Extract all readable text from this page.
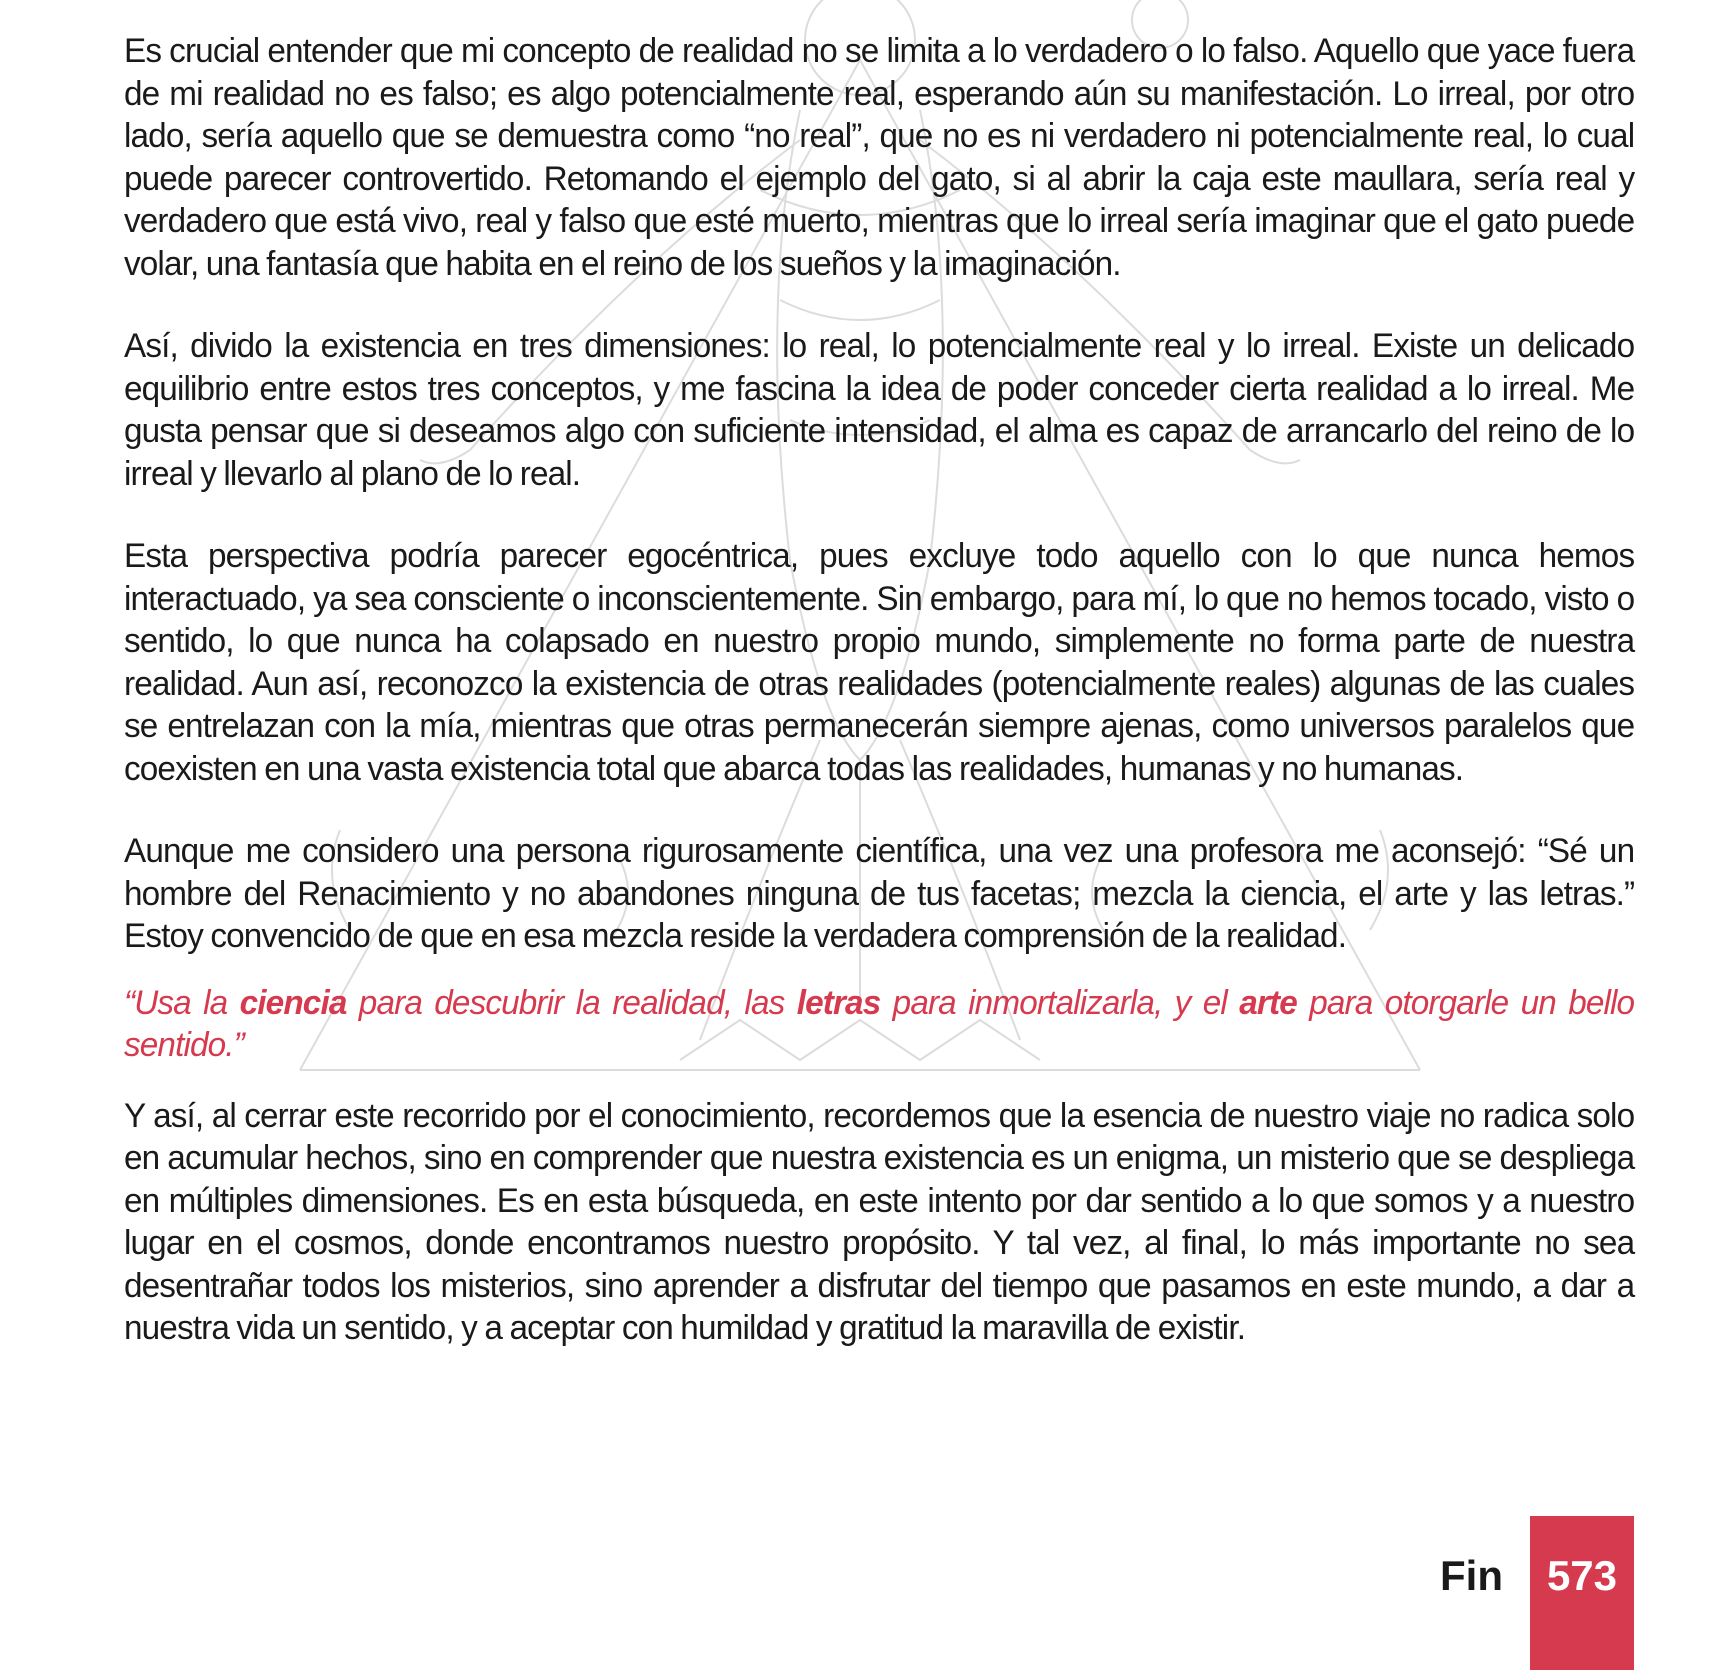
Es crucial entender que mi concepto de realidad no se limita a lo verdadero o lo falso. Aquello que yace fuera de mi realidad no es falso; es algo potencialmente real, esperando aún su manifestación. Lo irreal, por otro lado, sería aquello que se demuestra como “no real”, que no es ni verdadero ni potencialmente real, lo cual puede parecer controvertido. Retomando el ejemplo del gato, si al abrir la caja este maullara, sería real y verdadero que está vivo, real y falso que esté muerto, mientras que lo irreal sería imaginar que el gato puede volar, una fantasía que habita en el reino de los sueños y la imaginación.

Así, divido la existencia en tres dimensiones: lo real, lo potencialmente real y lo irreal. Existe un delicado equilibrio entre estos tres conceptos, y me fascina la idea de poder conceder cierta realidad a lo irreal. Me gusta pensar que si deseamos algo con suficiente intensidad, el alma es capaz de arrancarlo del reino de lo irreal y llevarlo al plano de lo real.

Esta perspectiva podría parecer egocéntrica, pues excluye todo aquello con lo que nunca hemos interactuado, ya sea consciente o inconscientemente. Sin embargo, para mí, lo que no hemos tocado, visto o sentido, lo que nunca ha colapsado en nuestro propio mundo, simplemente no forma parte de nuestra realidad. Aun así, reconozco la existencia de otras realidades (potencialmente reales) algunas de las cuales se entrelazan con la mía, mientras que otras permanecerán siempre ajenas, como universos paralelos que coexisten en una vasta existencia total que abarca todas las realidades, humanas y no humanas.

Aunque me considero una persona rigurosamente científica, una vez una profesora me aconsejó: “Sé un hombre del Renacimiento y no abandones ninguna de tus facetas; mezcla la ciencia, el arte y las letras.” Estoy convencido de que en esa mezcla reside la verdadera comprensión de la realidad.

“Usa la ciencia para descubrir la realidad, las letras para inmortalizarla, y el arte para otorgarle un bello sentido.”

Y así, al cerrar este recorrido por el conocimiento, recordemos que la esencia de nuestro viaje no radica solo en acumular hechos, sino en comprender que nuestra existencia es un enigma, un misterio que se despliega en múltiples dimensiones. Es en esta búsqueda, en este intento por dar sentido a lo que somos y a nuestro lugar en el cosmos, donde encontramos nuestro propósito. Y tal vez, al final, lo más importante no sea desentrañar todos los misterios, sino aprender a disfrutar del tiempo que pasamos en este mundo, a dar a nuestra vida un sentido, y a aceptar con humildad y gratitud la maravilla de existir.

Fin	573
